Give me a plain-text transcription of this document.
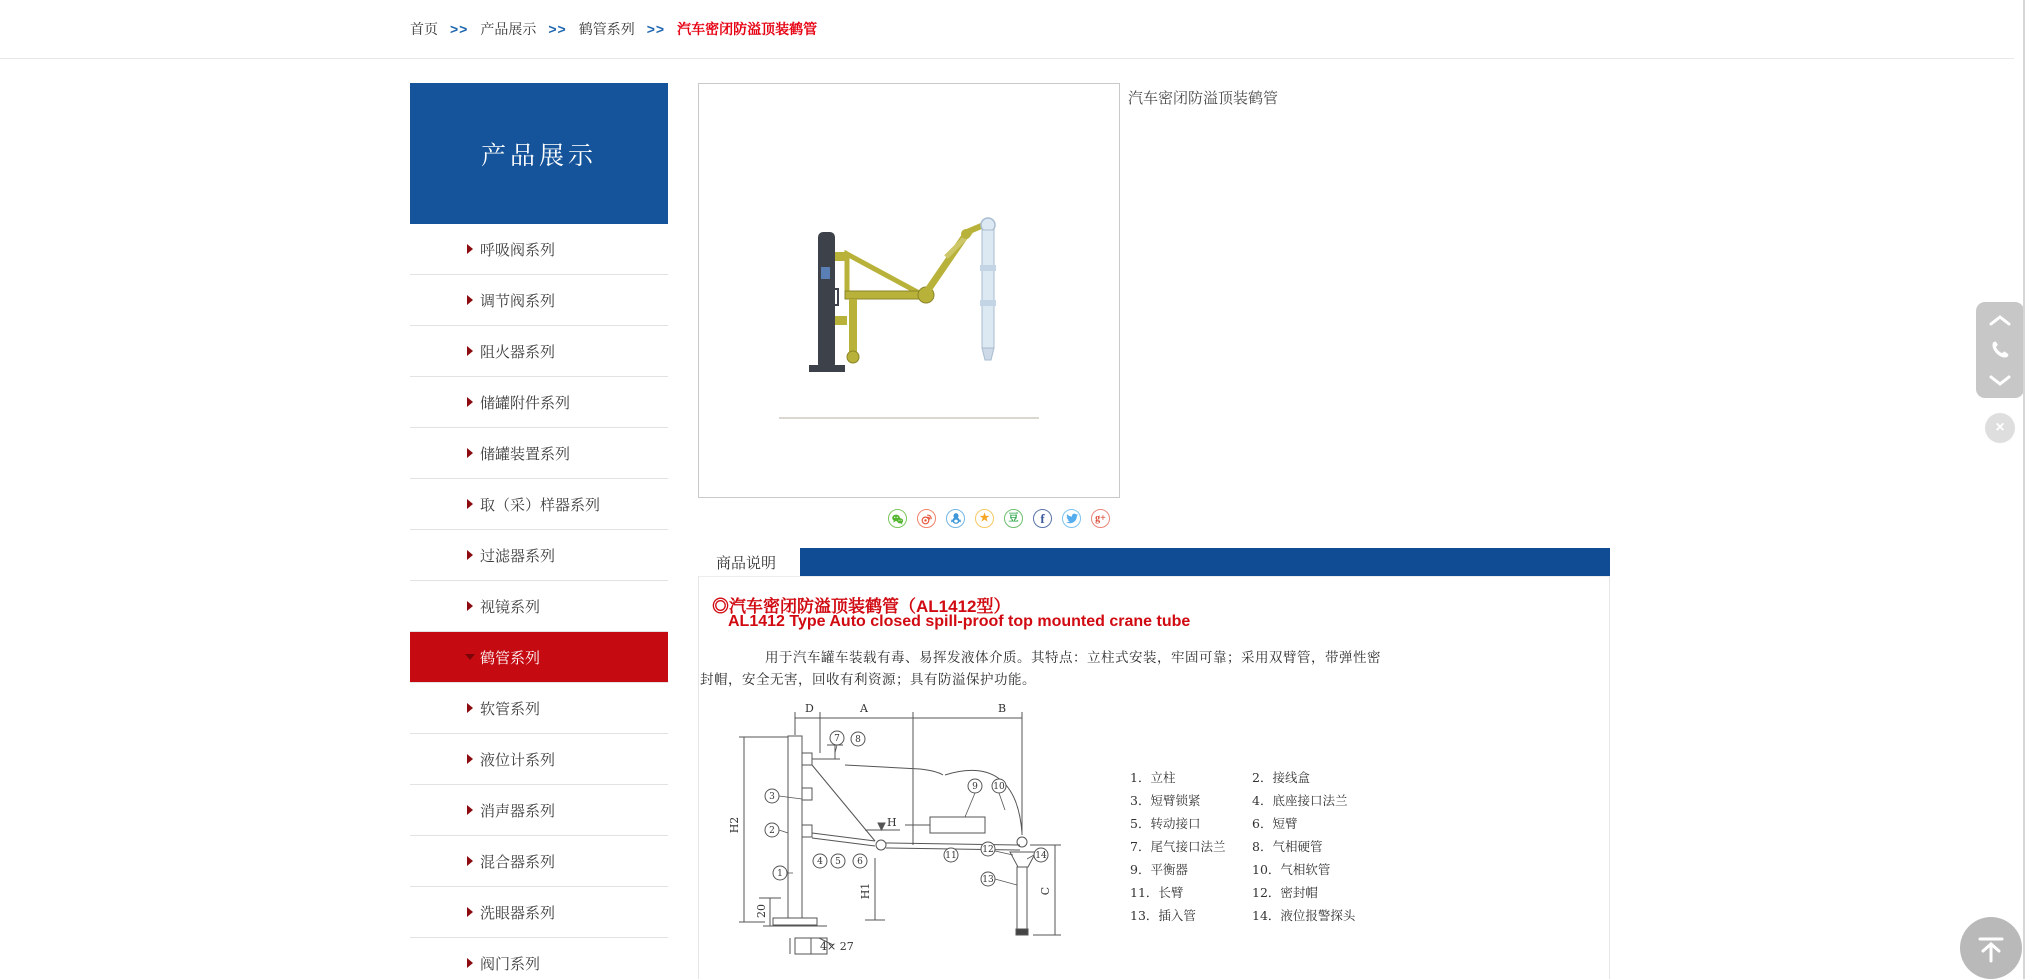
首页 >> 产品展示 >> 鹤管系列 >> 汽车密闭防溢顶装鹤管
产品展示
呼吸阀系列
调节阀系列
阻火器系列
储罐附件系列
储罐装置系列
取（采）样器系列
过滤器系列
视镜系列
鹤管系列
软管系列
液位计系列
消声器系列
混合器系列
洗眼器系列
阀门系列
汽车密闭防溢顶装鹤管
★ 豆 f	g+
商品说明
◎汽车密闭防溢顶装鹤管（AL1412型）
AL1412 Type Auto closed spill-proof top mounted crane tube
用于汽车罐车装载有毒、易挥发液体介质。其特点：立柱式安装，牢固可靠；采用双臂管，带弹性密
封帽，安全无害，回收有利资源；具有防溢保护功能。
D	A	B
H2	H
H1	C
20
4× 27
1
2
3
4 5 6
7 8
9 10
11
12
13
14
1．立柱	2．接线盒
3．短臂锁紧	4．底座接口法兰
5．转动接口	6．短臂
7．尾气接口法兰	8．气相硬管
9．平衡器	10．气相软管
11．长臂	12．密封帽
13．插入管	14．液位报警探头
×
